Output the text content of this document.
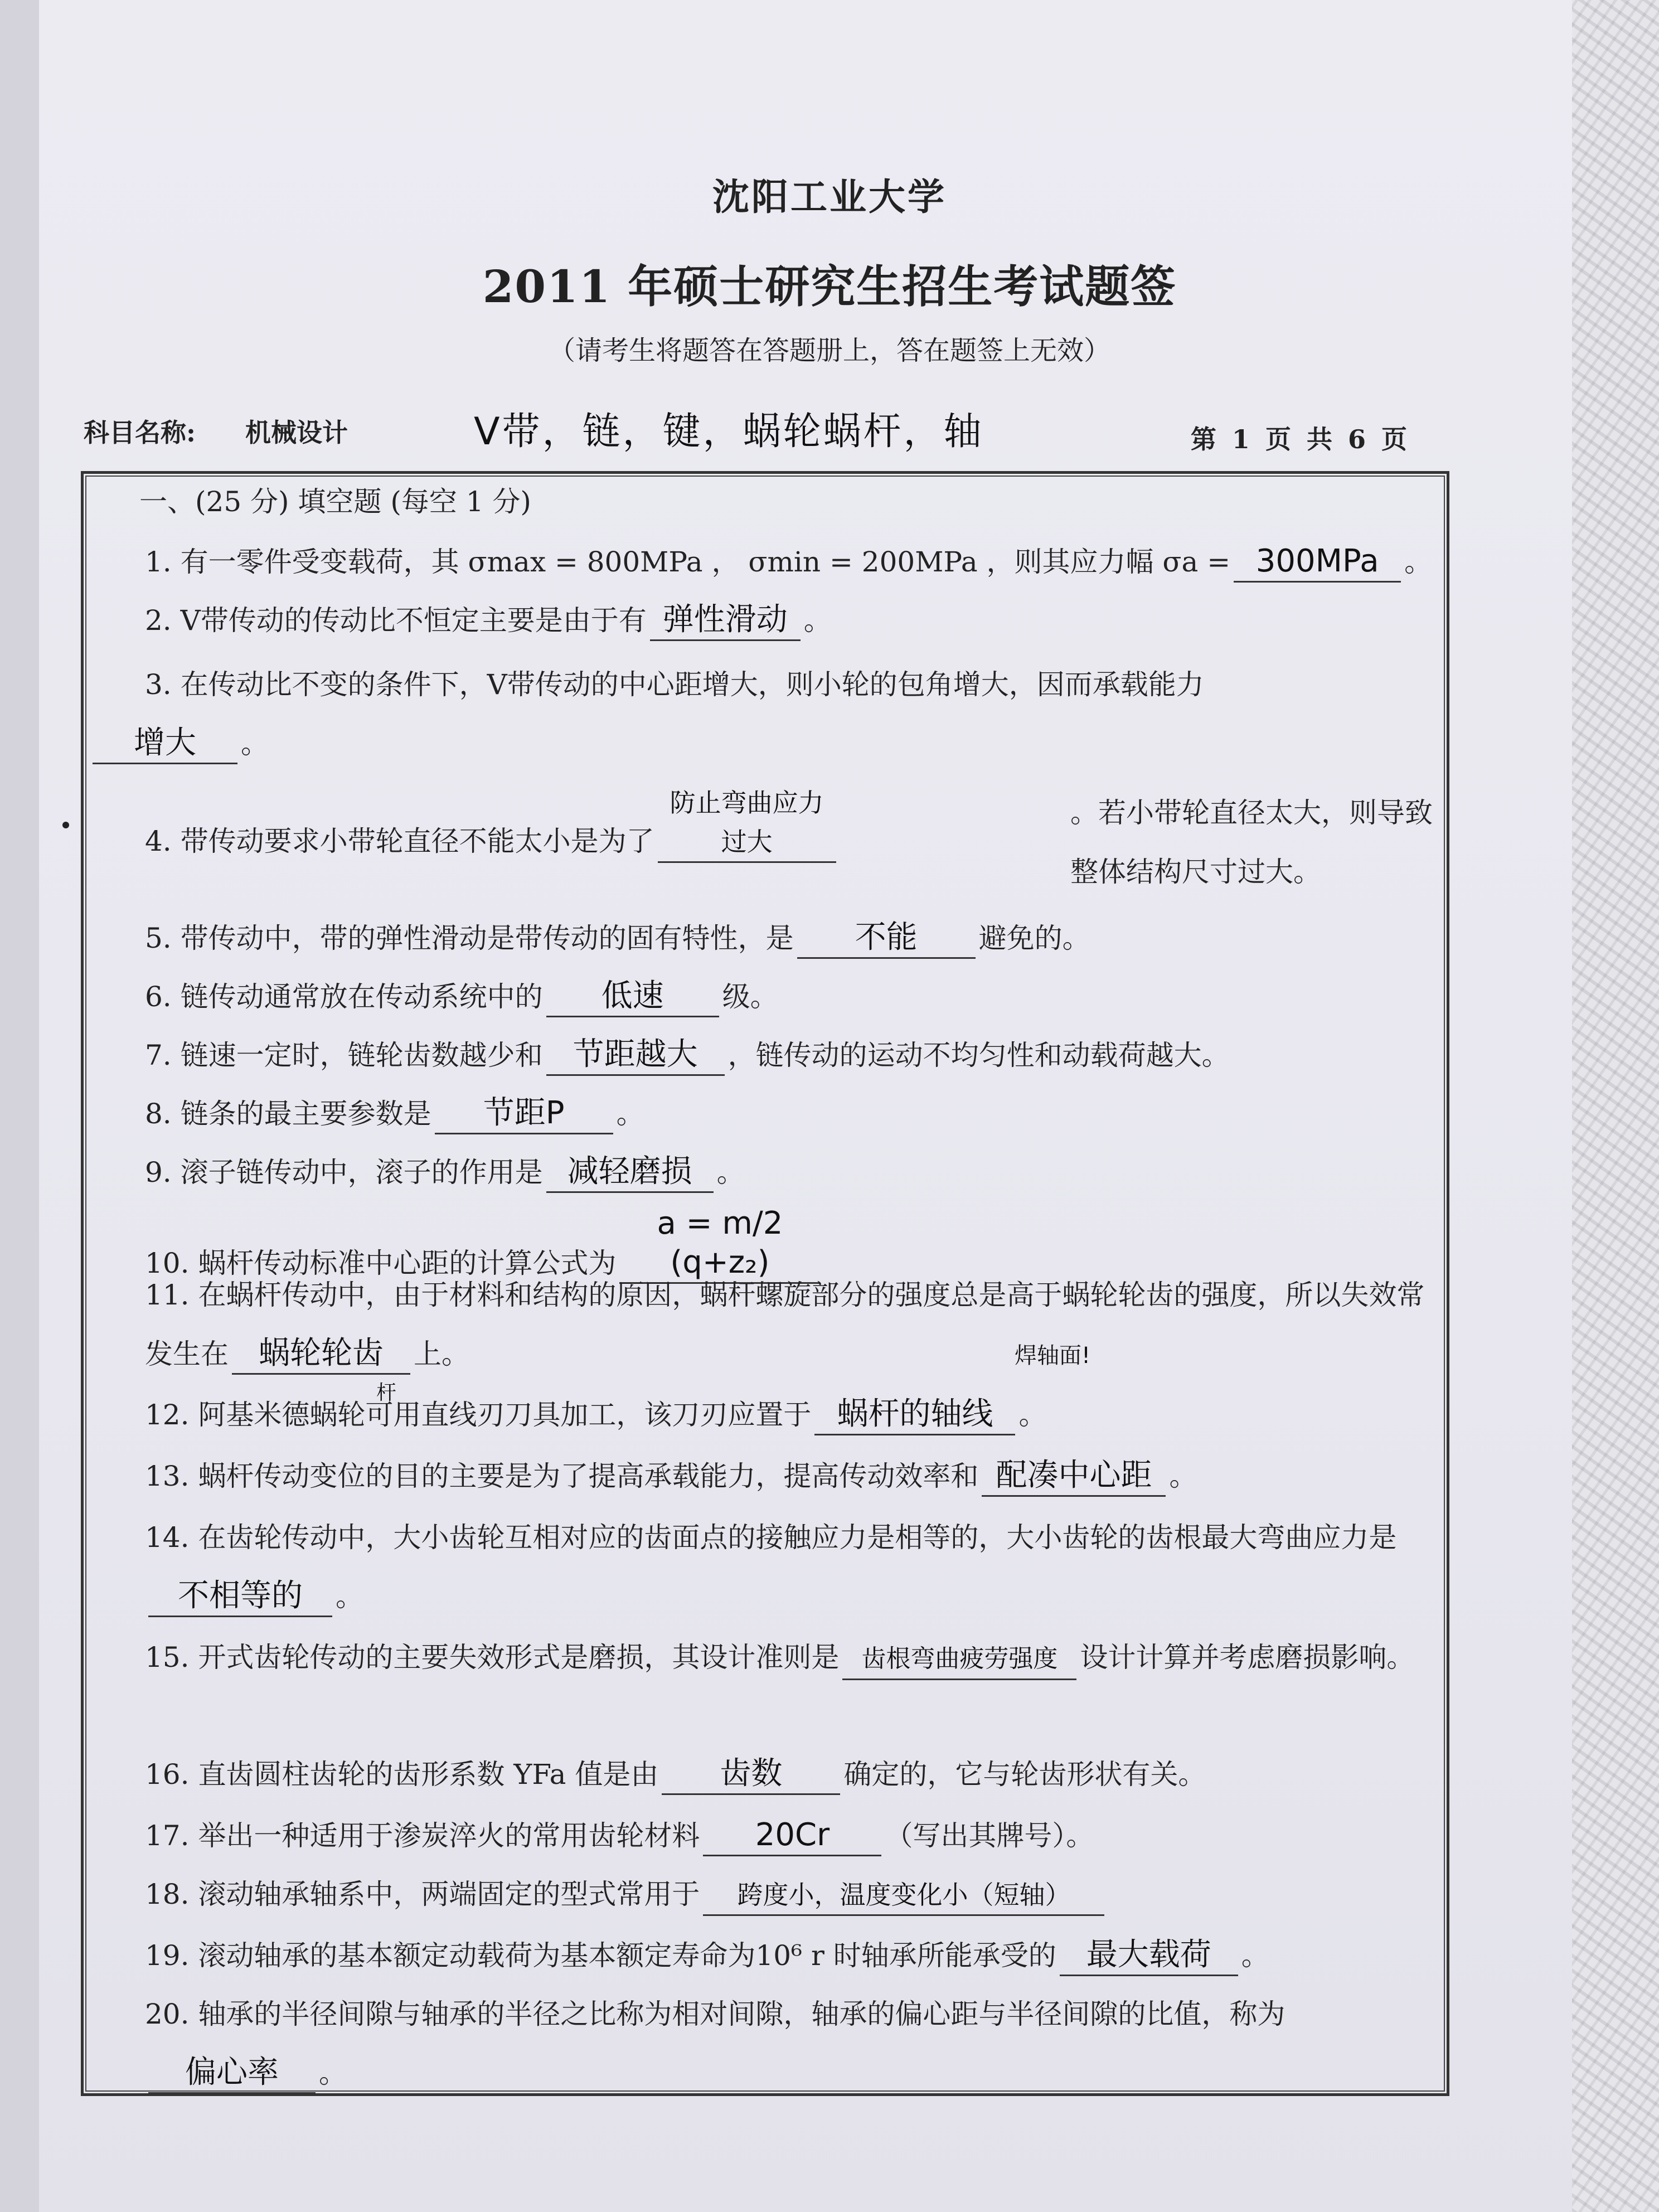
沈阳工业大学
2011 年硕士研究生招生考试题签
（请考生将题答在答题册上，答在题签上无效）
科目名称: 机械设计	V带，链，键，蜗轮蜗杆，轴	第 1 页 共 6 页
一、(25 分) 填空题 (每空 1 分)
1. 有一零件受变载荷，其 σmax = 800MPa ， σmin = 200MPa ，则其应力幅 σa = 300MPa 。
2. V带传动的传动比不恒定主要是由于有 弹性滑动 。
3. 在传动比不变的条件下，V带传动的中心距增大，则小轮的包角增大，因而承载能力
增大 。
4. 带传动要求小带轮直径不能太小是为了防止弯曲应力过大
。若小带轮直径太大，则导致整体结构尺寸过大。
5. 带传动中，带的弹性滑动是带传动的固有特性，是 不能 避免的。
6. 链传动通常放在传动系统中的 低速 级。
7. 链速一定时，链轮齿数越少和 节距越大 ，链传动的运动不均匀性和动载荷越大。
8. 链条的最主要参数是 节距P 。
9. 滚子链传动中，滚子的作用是 减轻磨损 。
10. 蜗杆传动标准中心距的计算公式为a = m/2 (q+z₂)
11. 在蜗杆传动中，由于材料和结构的原因，蜗杆螺旋部分的强度总是高于蜗轮轮齿的强度，所以失效常发生在 蜗轮轮齿 上。	焊轴面!
12. 阿基米德蜗轮可用直线刃刀具加工，该刀刃应置于 蜗杆的轴线 。
杆
13. 蜗杆传动变位的目的主要是为了提高承载能力，提高传动效率和 配凑中心距 。
14. 在齿轮传动中，大小齿轮互相对应的齿面点的接触应力是相等的，大小齿轮的齿根最大弯曲应力是不相等的 。
15. 开式齿轮传动的主要失效形式是磨损，其设计准则是 齿根弯曲疲劳强度 设计计算并考虑磨损影响。
16. 直齿圆柱齿轮的齿形系数 YFa 值是由 齿数 确定的，它与轮齿形状有关。
17. 举出一种适用于渗炭淬火的常用齿轮材料 20Cr （写出其牌号）。
18. 滚动轴承轴系中，两端固定的型式常用于 跨度小，温度变化小（短轴）
19. 滚动轴承的基本额定动载荷为基本额定寿命为10⁶ r 时轴承所能承受的 最大载荷 。
20. 轴承的半径间隙与轴承的半径之比称为相对间隙，轴承的偏心距与半径间隙的比值，称为偏心率 。
